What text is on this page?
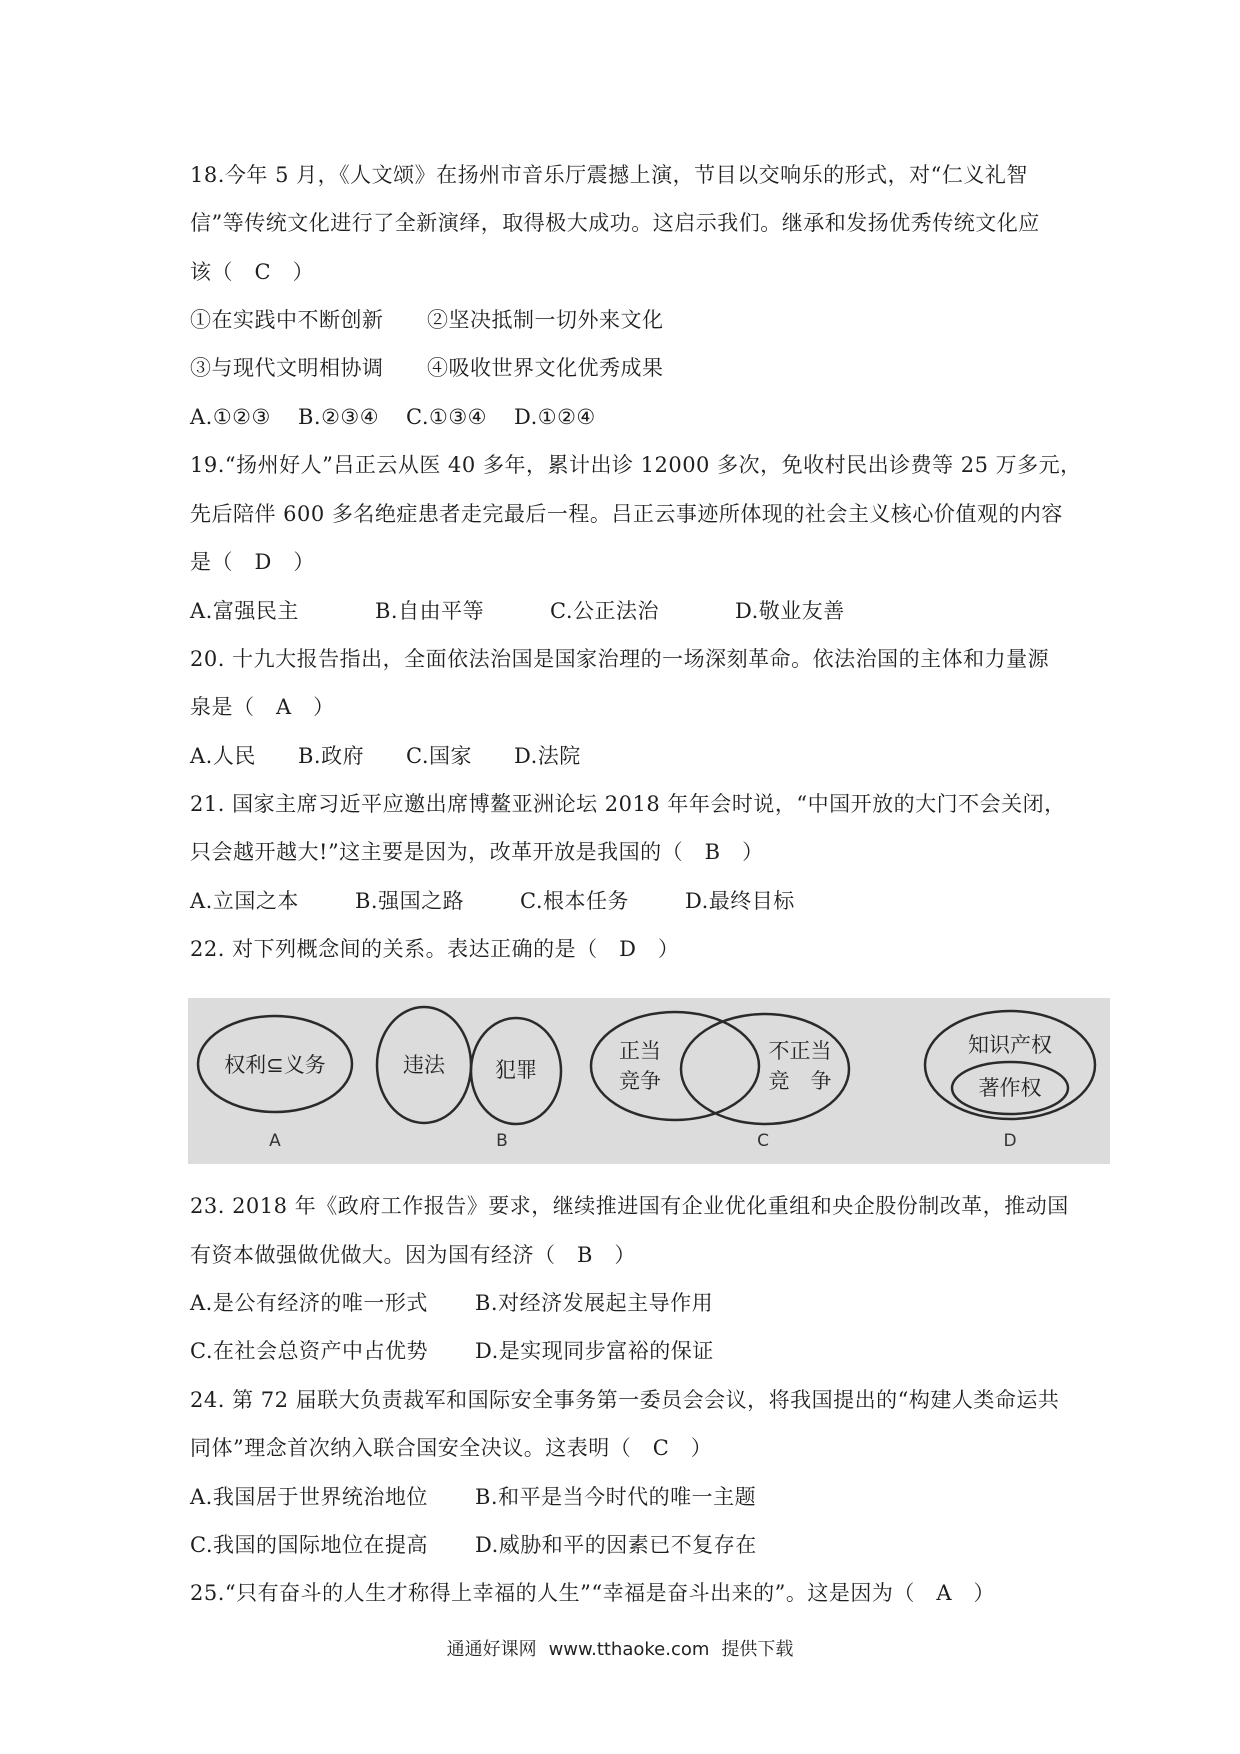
18.今年 5 月，《人文颂》在扬州市音乐厅震撼上演，节目以交响乐的形式，对“仁义礼智
信”等传统文化进行了全新演绎，取得极大成功。这启示我们。继承和发扬优秀传统文化应
该（　C　）
①在实践中不断创新 ②坚决抵制一切外来文化
③与现代文明相协调 ④吸收世界文化优秀成果
A.①②③ B.②③④ C.①③④ D.①②④
19.“扬州好人”吕正云从医 40 多年，累计出诊 12000 多次，免收村民出诊费等 25 万多元，
先后陪伴 600 多名绝症患者走完最后一程。吕正云事迹所体现的社会主义核心价值观的内容
是（　D　）
A.富强民主	B.自由平等	C.公正法治	D.敬业友善
20. 十九大报告指出，全面依法治国是国家治理的一场深刻革命。依法治国的主体和力量源
泉是（　A　）
A.人民 B.政府 C.国家 D.法院
21. 国家主席习近平应邀出席博鳌亚洲论坛 2018 年年会时说，“中国开放的大门不会关闭，
只会越开越大!”这主要是因为，改革开放是我国的（　B　）
A.立国之本	B.强国之路	C.根本任务	D.最终目标
22. 对下列概念间的关系。表达正确的是（　D　）
权利⊆义务
A
违法 犯罪
B
正当
竞争
不正当
竞　争
C
知识产权
著作权
D
23. 2018 年《政府工作报告》要求，继续推进国有企业优化重组和央企股份制改革，推动国
有资本做强做优做大。因为国有经济（　B　）
A.是公有经济的唯一形式 B.对经济发展起主导作用
C.在社会总资产中占优势 D.是实现同步富裕的保证
24. 第 72 届联大负责裁军和国际安全事务第一委员会会议，将我国提出的“构建人类命运共
同体”理念首次纳入联合国安全决议。这表明（　C　）
A.我国居于世界统治地位 B.和平是当今时代的唯一主题
C.我国的国际地位在提高 D.威胁和平的因素已不复存在
25.“只有奋斗的人生才称得上幸福的人生”“幸福是奋斗出来的”。这是因为（　A　）
通通好课网 www.tthaoke.com 提供下载
